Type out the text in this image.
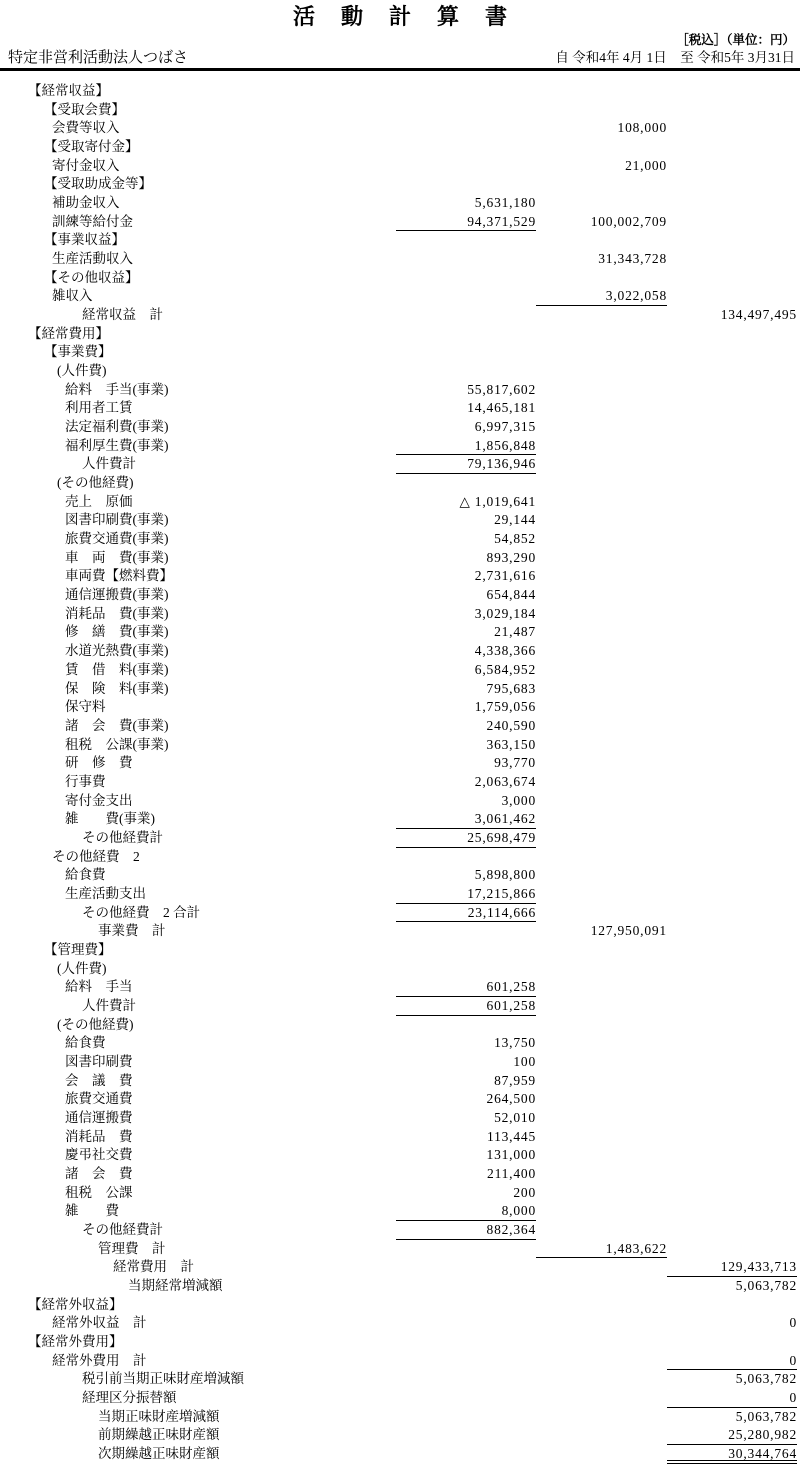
活動計算書
［税込］（単位：円）
特定非営利活動法人つばさ	自 令和4年 4月 1日　至 令和5年 3月31日
【経常収益】
【受取会費】
会費等収入	108,000
【受取寄付金】
寄付金収入	21,000
【受取助成金等】
補助金収入	5,631,180
訓練等給付金	94,371,529	100,002,709
【事業収益】
生産活動収入	31,343,728
【その他収益】
雑収入	3,022,058
経常収益　計	134,497,495
【経常費用】
【事業費】
(人件費)
給料　手当(事業)	55,817,602
利用者工賃	14,465,181
法定福利費(事業)	6,997,315
福利厚生費(事業)	1,856,848
人件費計	79,136,946
(その他経費)
売上　原価	△ 1,019,641
図書印刷費(事業)	29,144
旅費交通費(事業)	54,852
車　両　費(事業)	893,290
車両費【燃料費】	2,731,616
通信運搬費(事業)	654,844
消耗品　費(事業)	3,029,184
修　繕　費(事業)	21,487
水道光熱費(事業)	4,338,366
賃　借　料(事業)	6,584,952
保　険　料(事業)	795,683
保守料	1,759,056
諸　会　費(事業)	240,590
租税　公課(事業)	363,150
研　修　費	93,770
行事費	2,063,674
寄付金支出	3,000
雑　　費(事業)	3,061,462
その他経費計	25,698,479
その他経費　2
給食費	5,898,800
生産活動支出	17,215,866
その他経費　2 合計	23,114,666
事業費　計	127,950,091
【管理費】
(人件費)
給料　手当	601,258
人件費計	601,258
(その他経費)
給食費	13,750
図書印刷費	100
会　議　費	87,959
旅費交通費	264,500
通信運搬費	52,010
消耗品　費	113,445
慶弔社交費	131,000
諸　会　費	211,400
租税　公課	200
雑　　費	8,000
その他経費計	882,364
管理費　計	1,483,622
経常費用　計	129,433,713
当期経常増減額	5,063,782
【経常外収益】
経常外収益　計	0
【経常外費用】
経常外費用　計	0
税引前当期正味財産増減額	5,063,782
経理区分振替額	0
当期正味財産増減額	5,063,782
前期繰越正味財産額	25,280,982
次期繰越正味財産額	30,344,764
